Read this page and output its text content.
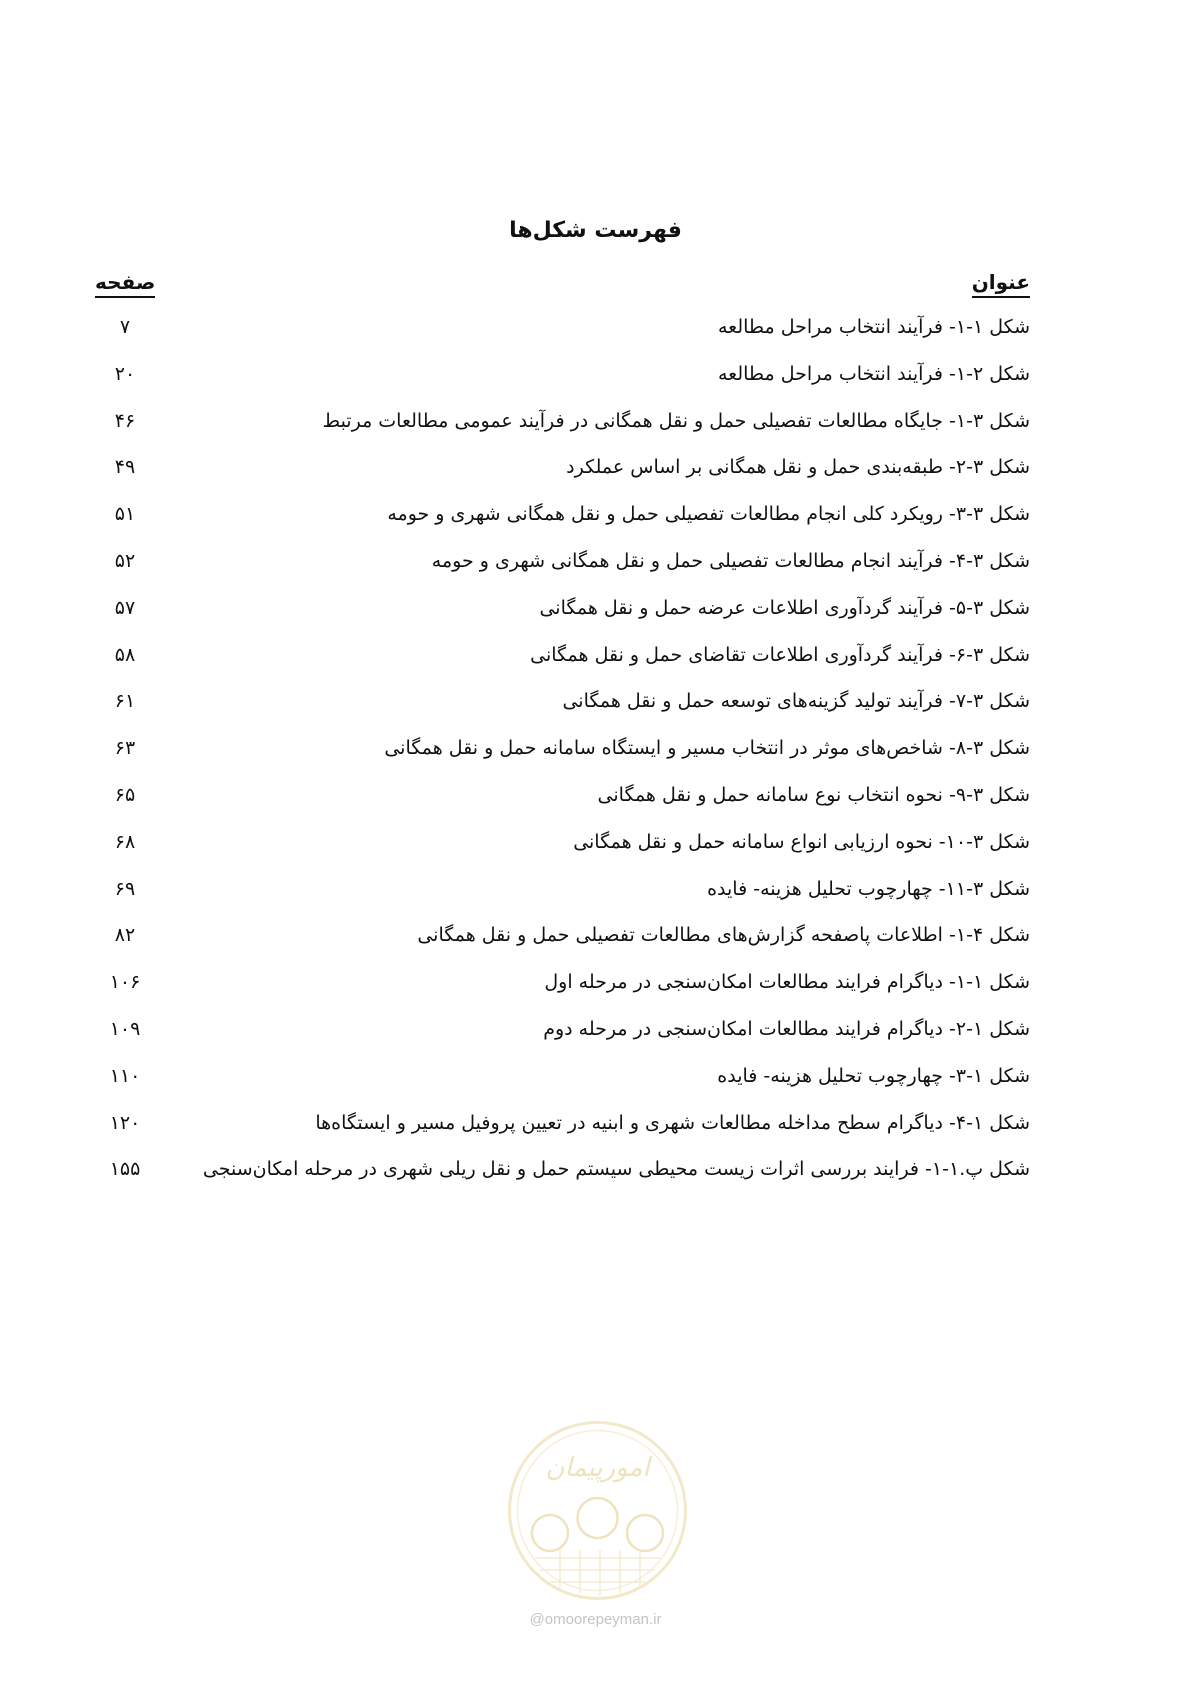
فهرست شکل‌ها
عنوان
صفحه
شکل ۱-۱- فرآیند انتخاب مراحل مطالعه
۷
شکل ۲-۱- فرآیند انتخاب مراحل مطالعه
۲۰
شکل ۳-۱- جایگاه مطالعات تفصیلی حمل و نقل همگانی در فرآیند عمومی مطالعات مرتبط
۴۶
شکل ۳-۲- طبقه‌بندی حمل و نقل همگانی بر اساس عملکرد
۴۹
شکل ۳-۳- رویکرد کلی انجام مطالعات تفصیلی حمل و نقل همگانی شهری و حومه
۵۱
شکل ۳-۴- فرآیند انجام مطالعات تفصیلی حمل و نقل همگانی شهری و حومه
۵۲
شکل ۳-۵- فرآیند گردآوری اطلاعات عرضه حمل و نقل همگانی
۵۷
شکل ۳-۶- فرآیند گردآوری اطلاعات تقاضای حمل و نقل همگانی
۵۸
شکل ۳-۷- فرآیند تولید گزینه‌های توسعه حمل و نقل همگانی
۶۱
شکل ۳-۸- شاخص‌های موثر در انتخاب مسیر و ایستگاه سامانه حمل و نقل همگانی
۶۳
شکل ۳-۹- نحوه انتخاب نوع سامانه حمل و نقل همگانی
۶۵
شکل ۳-۱۰- نحوه ارزیابی انواع سامانه حمل و نقل همگانی
۶۸
شکل ۳-۱۱- چهارچوب تحلیل هزینه- فایده
۶۹
شکل ۴-۱- اطلاعات پاصفحه گزارش‌های مطالعات تفصیلی حمل و نقل همگانی
۸۲
شکل ۱-۱- دیاگرام فرایند مطالعات امکان‌سنجی در مرحله اول
۱۰۶
شکل ۱-۲- دیاگرام فرایند مطالعات امکان‌سنجی در مرحله دوم
۱۰۹
شکل ۱-۳- چهارچوب تحلیل هزینه- فایده
۱۱۰
شکل ۱-۴- دیاگرام سطح مداخله مطالعات شهری و ابنیه در تعیین پروفیل مسیر و ایستگاه‌ها
۱۲۰
شکل پ.۱-۱- فرایند بررسی اثرات زیست محیطی سیستم حمل و نقل ریلی شهری در مرحله امکان‌سنجی
۱۵۵
امورپیمان
@omoorepeyman.ir
